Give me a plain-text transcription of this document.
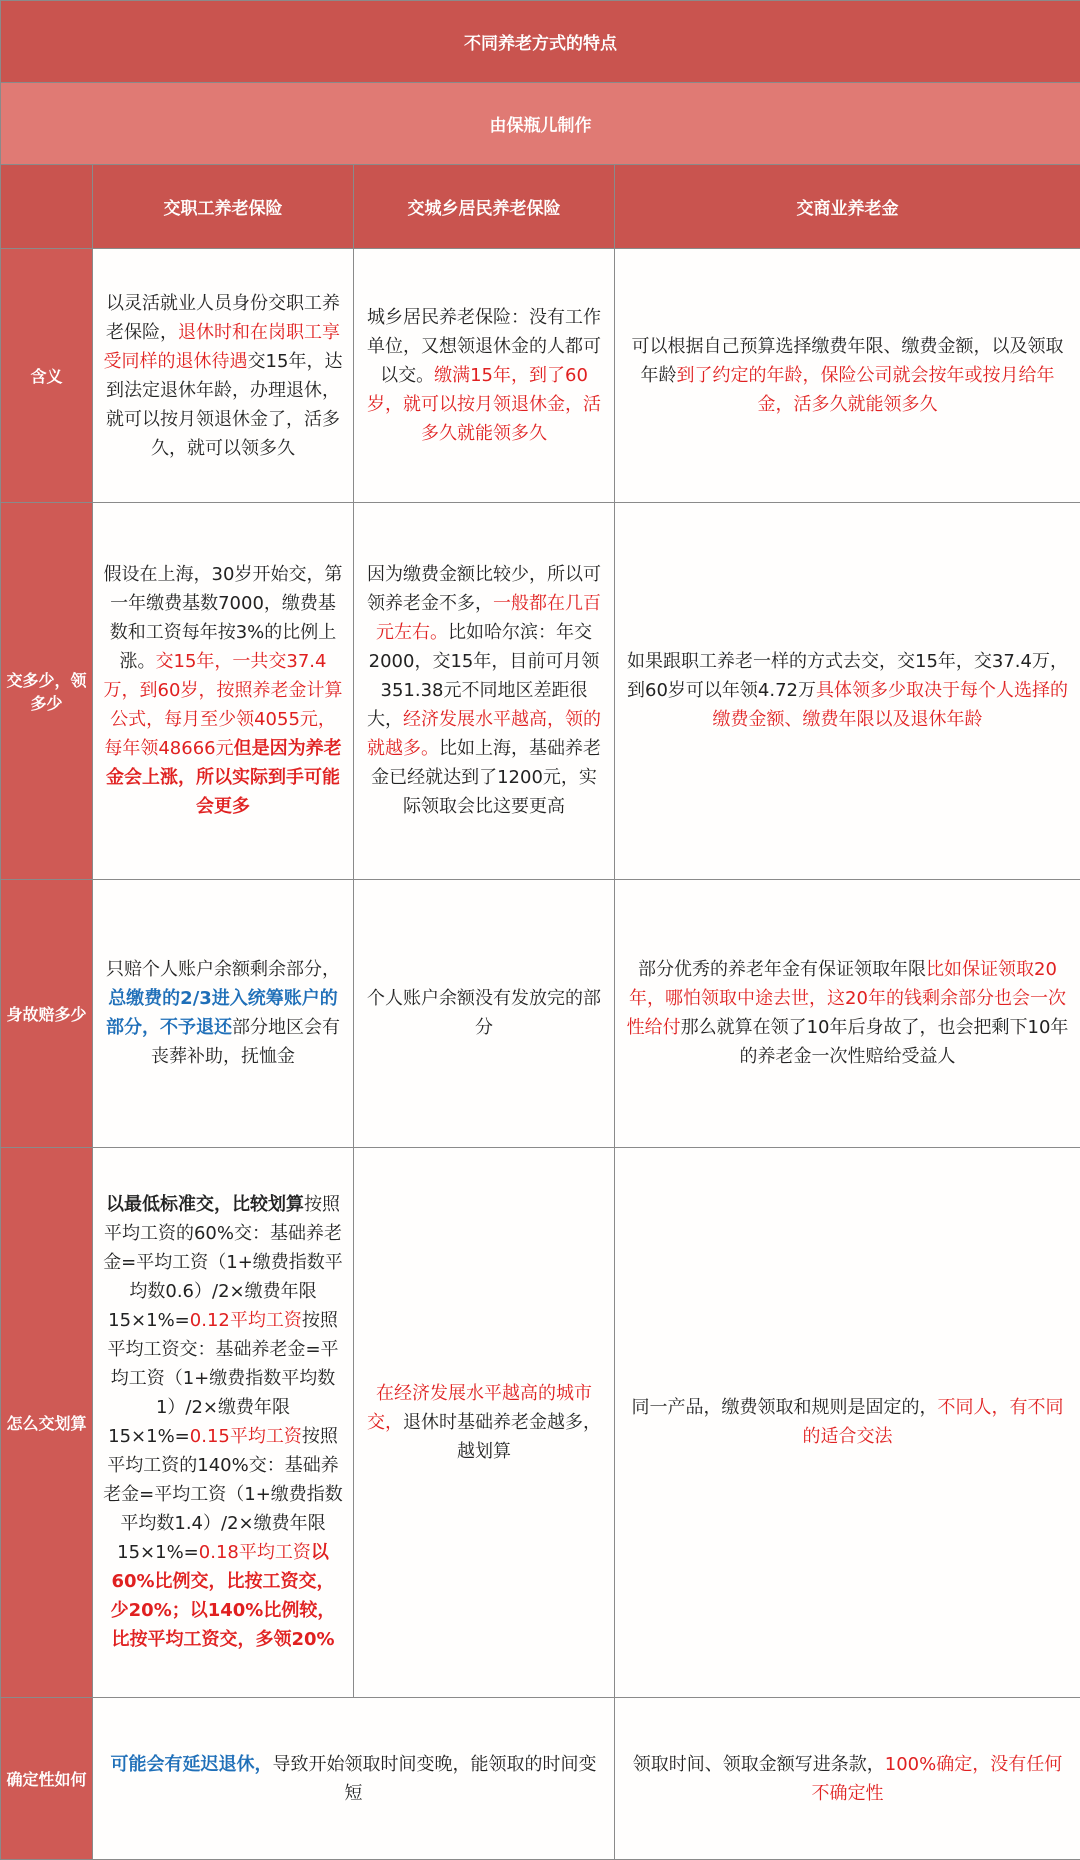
不同养老方式的特点			
由保瓶儿制作			
	交职工养老保险	交城乡居民养老保险	交商业养老金
含义	以灵活就业人员身份交职工养老保险，退休时和在岗职工享受同样的退休待遇交15年，达到法定退休年龄，办理退休，就可以按月领退休金了，活多久，就可以领多久	城乡居民养老保险：没有工作单位，又想领退休金的人都可以交。缴满15年，到了60岁，就可以按月领退休金，活多久就能领多久	可以根据自己预算选择缴费年限、缴费金额，以及领取年龄到了约定的年龄，保险公司就会按年或按月给年金，活多久就能领多久
交多少，领多少	假设在上海，30岁开始交，第一年缴费基数7000，缴费基数和工资每年按3%的比例上涨。交15年，一共交37.4万，到60岁，按照养老金计算公式，每月至少领4055元，每年领48666元但是因为养老金会上涨，所以实际到手可能会更多	因为缴费金额比较少，所以可领养老金不多，一般都在几百元左右。比如哈尔滨：年交2000，交15年，目前可月领351.38元不同地区差距很大，经济发展水平越高，领的就越多。比如上海，基础养老金已经就达到了1200元，实际领取会比这要更高	如果跟职工养老一样的方式去交，交15年，交37.4万，到60岁可以年领4.72万具体领多少取决于每个人选择的缴费金额、缴费年限以及退休年龄
身故赔多少	只赔个人账户余额剩余部分，总缴费的2/3进入统筹账户的部分，不予退还部分地区会有丧葬补助，抚恤金	个人账户余额没有发放完的部分	部分优秀的养老年金有保证领取年限比如保证领取20年，哪怕领取中途去世，这20年的钱剩余部分也会一次性给付那么就算在领了10年后身故了，也会把剩下10年的养老金一次性赔给受益人
怎么交划算	以最低标准交，比较划算按照平均工资的60%交：基础养老金=平均工资（1+缴费指数平均数0.6）/2×缴费年限15×1%=0.12平均工资按照平均工资交：基础养老金=平均工资（1+缴费指数平均数1）/2×缴费年限15×1%=0.15平均工资按照平均工资的140%交：基础养老金=平均工资（1+缴费指数平均数1.4）/2×缴费年限15×1%=0.18平均工资以60%比例交，比按工资交，少20%；以140%比例较，比按平均工资交，多领20%	在经济发展水平越高的城市交，退休时基础养老金越多，越划算	同一产品，缴费领取和规则是固定的，不同人，有不同的适合交法
确定性如何	可能会有延迟退休，导致开始领取时间变晚，能领取的时间变短		领取时间、领取金额写进条款，100%确定，没有任何不确定性
